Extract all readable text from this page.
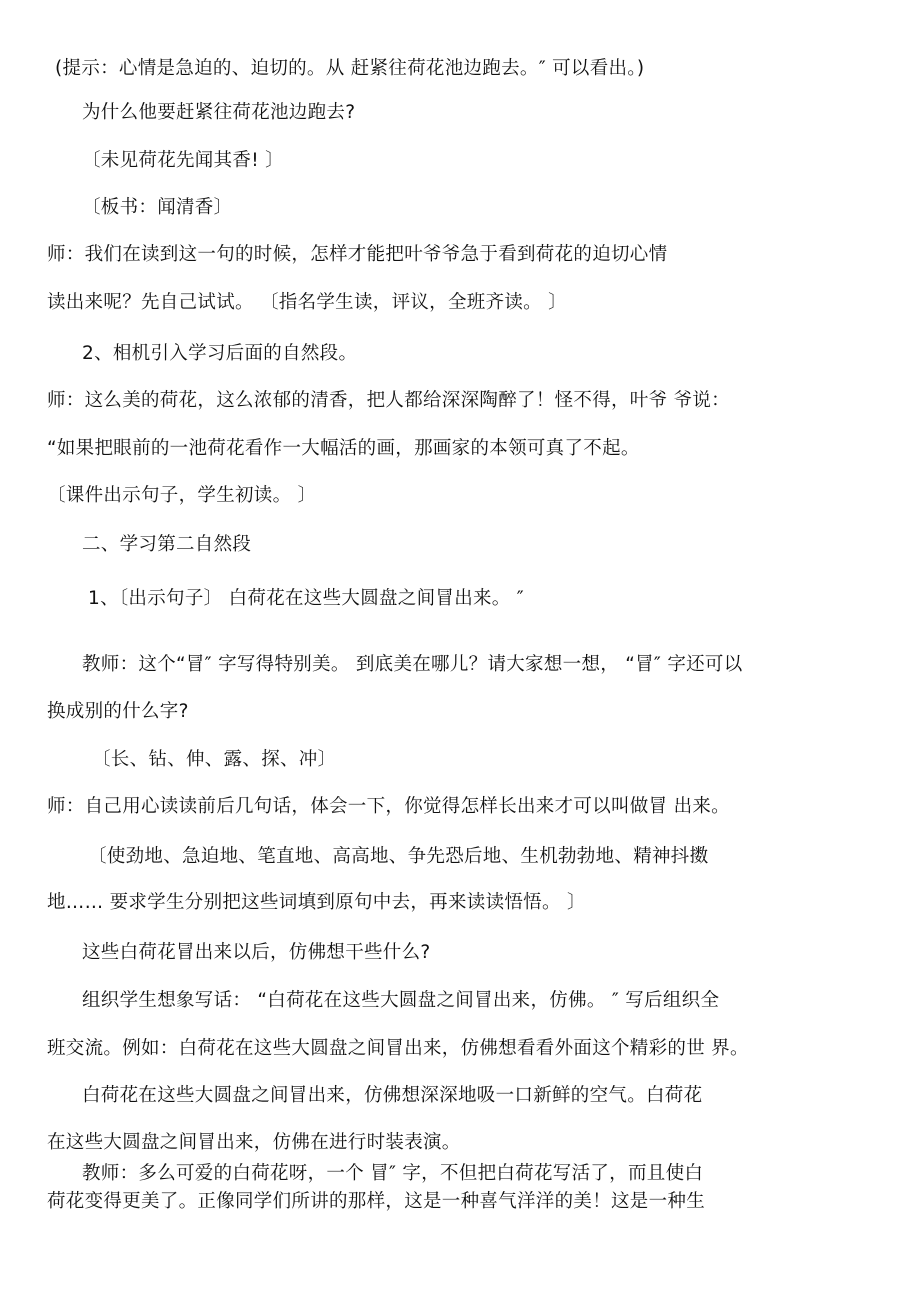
(提示：心情是急迫的、迫切的。从 赶紧往荷花池边跑去。″ 可以看出。)
为什么他要赶紧往荷花池边跑去?
〔未见荷花先闻其香! 〕
〔板书：闻清香〕
师：我们在读到这一句的时候，怎样才能把叶爷爷急于看到荷花的迫切心情
读出来呢？先自己试试。 〔指名学生读，评议，全班齐读。 〕
2、相机引入学习后面的自然段。
师：这么美的荷花，这么浓郁的清香，把人都给深深陶醉了！怪不得，叶爷 爷说：
“如果把眼前的一池荷花看作一大幅活的画，那画家的本领可真了不起。
〔课件出示句子，学生初读。 〕
二、学习第二自然段
1、〔出示句子〕 白荷花在这些大圆盘之间冒出来。 ″
教师：这个“冒″ 字写得特别美。 到底美在哪儿？请大家想一想， “冒″ 字还可以
换成别的什么字?
〔长、钻、伸、露、探、冲〕
师：自己用心读读前后几句话，体会一下，你觉得怎样长出来才可以叫做冒 出来。
〔使劲地、急迫地、笔直地、高高地、争先恐后地、生机勃勃地、精神抖擞
地…… 要求学生分别把这些词填到原句中去，再来读读悟悟。 〕
这些白荷花冒出来以后，仿佛想干些什么?
组织学生想象写话： “白荷花在这些大圆盘之间冒出来，仿佛。 ″ 写后组织全
班交流。例如：白荷花在这些大圆盘之间冒出来，仿佛想看看外面这个精彩的世 界。
白荷花在这些大圆盘之间冒出来，仿佛想深深地吸一口新鲜的空气。白荷花
在这些大圆盘之间冒出来，仿佛在进行时装表演。
教师：多么可爱的白荷花呀，一个 冒″ 字，不但把白荷花写活了，而且使白
荷花变得更美了。正像同学们所讲的那样，这是一种喜气洋洋的美！这是一种生
